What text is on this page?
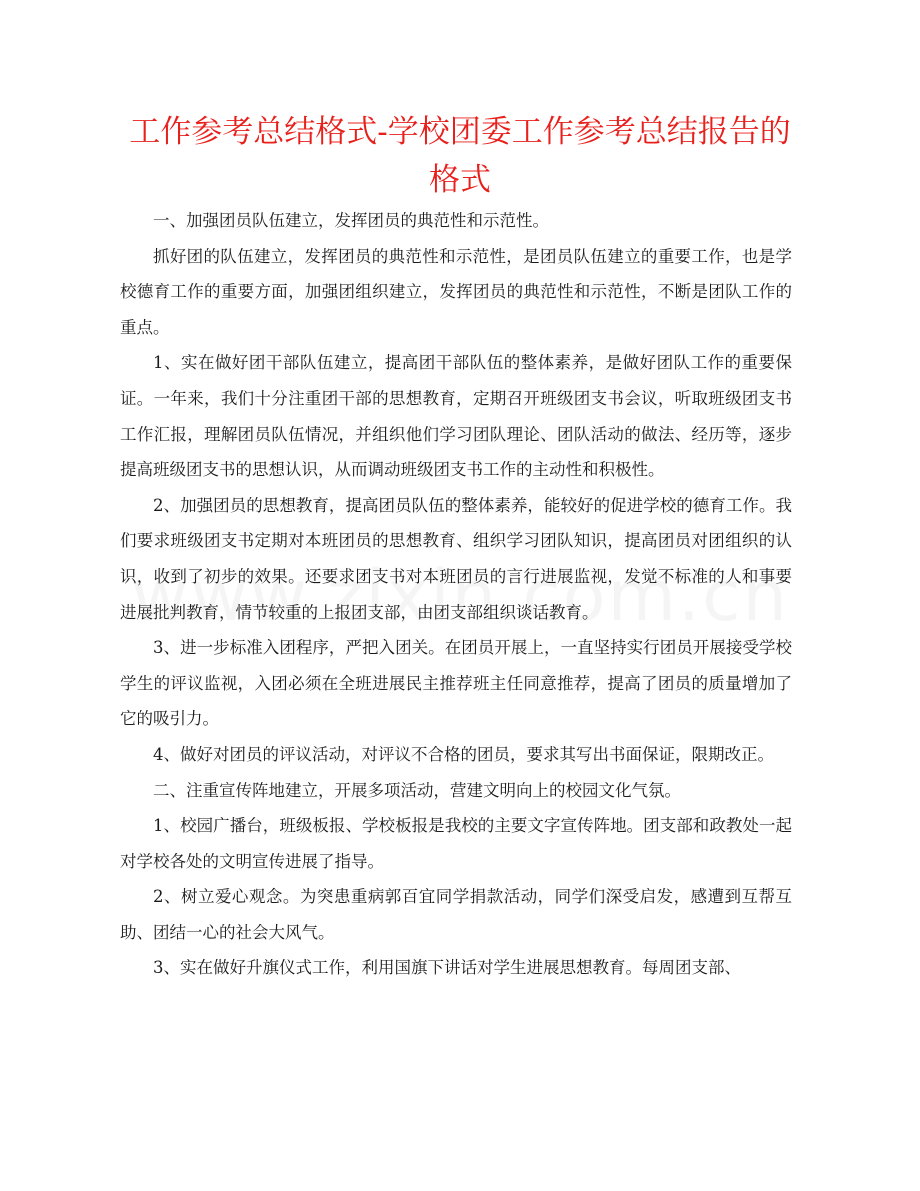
工作参考总结格式-学校团委工作参考总结报告的格式

一、加强团员队伍建立，发挥团员的典范性和示范性。

抓好团的队伍建立，发挥团员的典范性和示范性，是团员队伍建立的重要工作，也是学校德育工作的重要方面，加强团组织建立，发挥团员的典范性和示范性，不断是团队工作的重点。

1、实在做好团干部队伍建立，提高团干部队伍的整体素养，是做好团队工作的重要保证。一年来，我们十分注重团干部的思想教育，定期召开班级团支书会议，听取班级团支书工作汇报，理解团员队伍情况，并组织他们学习团队理论、团队活动的做法、经历等，逐步提高班级团支书的思想认识，从而调动班级团支书工作的主动性和积极性。

2、加强团员的思想教育，提高团员队伍的整体素养，能较好的促进学校的德育工作。我们要求班级团支书定期对本班团员的思想教育、组织学习团队知识，提高团员对团组织的认识，收到了初步的效果。还要求团支书对本班团员的言行进展监视，发觉不标准的人和事要进展批判教育，情节较重的上报团支部，由团支部组织谈话教育。

3、进一步标准入团程序，严把入团关。在团员开展上，一直坚持实行团员开展接受学校学生的评议监视，入团必须在全班进展民主推荐班主任同意推荐，提高了团员的质量增加了它的吸引力。

4、做好对团员的评议活动，对评议不合格的团员，要求其写出书面保证，限期改正。

二、注重宣传阵地建立，开展多项活动，营建文明向上的校园文化气氛。

1、校园广播台，班级板报、学校板报是我校的主要文字宣传阵地。团支部和政教处一起对学校各处的文明宣传进展了指导。

2、树立爱心观念。为突患重病郭百宜同学捐款活动，同学们深受启发，感遭到互帮互助、团结一心的社会大风气。

3、实在做好升旗仪式工作，利用国旗下讲话对学生进展思想教育。每周团支部、
